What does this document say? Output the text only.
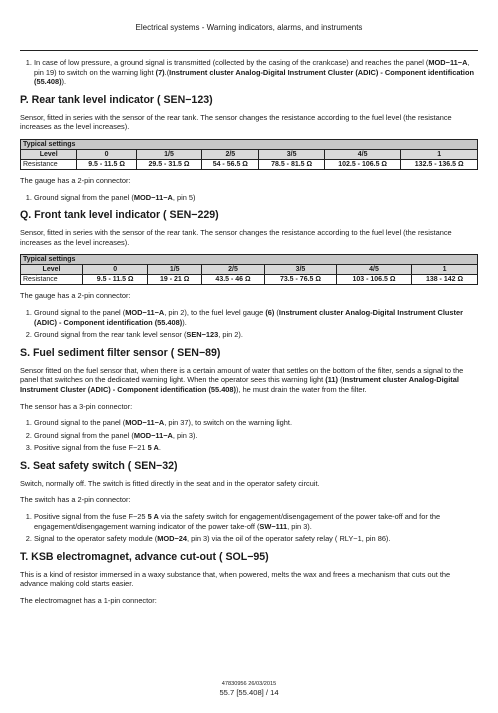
Electrical systems - Warning indicators, alarms, and instruments
1. In case of low pressure, a ground signal is transmitted (collected by the casing of the crankcase) and reaches the panel (MOD−11−A, pin 19) to switch on the warning light (7).(Instrument cluster Analog-Digital Instrument Cluster (ADIC) - Component identification (55.408)).
P. Rear tank level indicator ( SEN−123)

Sensor, fitted in series with the sensor of the rear tank. The sensor changes the resistance according to the fuel level (the resistance increases as the level increases).

Typical settings						
Level	0	1/5	2/5	3/5	4/5	1
Resistance	9.5 - 11.5 Ω	29.5 - 31.5 Ω	54 - 56.5 Ω	78.5 - 81.5 Ω	102.5 - 106.5 Ω	132.5 - 136.5 Ω

The gauge has a 2-pin connector:

1. Ground signal from the panel (MOD−11−A, pin 5)
Q. Front tank level indicator ( SEN−229)

Sensor, fitted in series with the sensor of the rear tank. The sensor changes the resistance according to the fuel level (the resistance increases as the level increases).

Typical settings						
Level	0	1/5	2/5	3/5	4/5	1
Resistance	9.5 - 11.5 Ω	19 - 21 Ω	43.5 - 46 Ω	73.5 - 76.5 Ω	103 - 106.5 Ω	138 - 142 Ω

The gauge has a 2-pin connector:

1. Ground signal to the panel (MOD−11−A, pin 2), to the fuel level gauge (6) (Instrument cluster Analog-Digital Instrument Cluster (ADIC) - Component identification (55.408)).
2. Ground signal from the rear tank level sensor (SEN−123, pin 2).
S. Fuel sediment filter sensor ( SEN−89)

Sensor fitted on the fuel sensor that, when there is a certain amount of water that settles on the bottom of the filter, sends a signal to the panel that switches on the dedicated warning light. When the operator sees this warning light (11) (Instrument cluster Analog-Digital Instrument Cluster (ADIC) - Component identification (55.408)), he must drain the water from the filter.

The sensor has a 3-pin connector:

1. Ground signal to the panel (MOD−11−A, pin 37), to switch on the warning light.
2. Ground signal from the panel (MOD−11−A, pin 3).
3. Positive signal from the fuse F−21 5 A.
S. Seat safety switch ( SEN−32)

Switch, normally off. The switch is fitted directly in the seat and in the operator safety circuit.

The switch has a 2-pin connector:

1. Positive signal from the fuse F−25 5 A via the safety switch for engagement/disengagement of the power take-off and for the engagement/disengagement warning indicator of the power take-off (SW−111, pin 3).
2. Signal to the operator safety module (MOD−24, pin 3) via the oil of the operator safety relay ( RLY−1, pin 86).
T. KSB electromagnet, advance cut-out ( SOL−95)

This is a kind of resistor immersed in a waxy substance that, when powered, melts the wax and frees a mechanism that cuts out the advance making cold starts easier.

The electromagnet has a 1-pin connector:

47830956 26/03/2015
55.7 [55.408] / 14
